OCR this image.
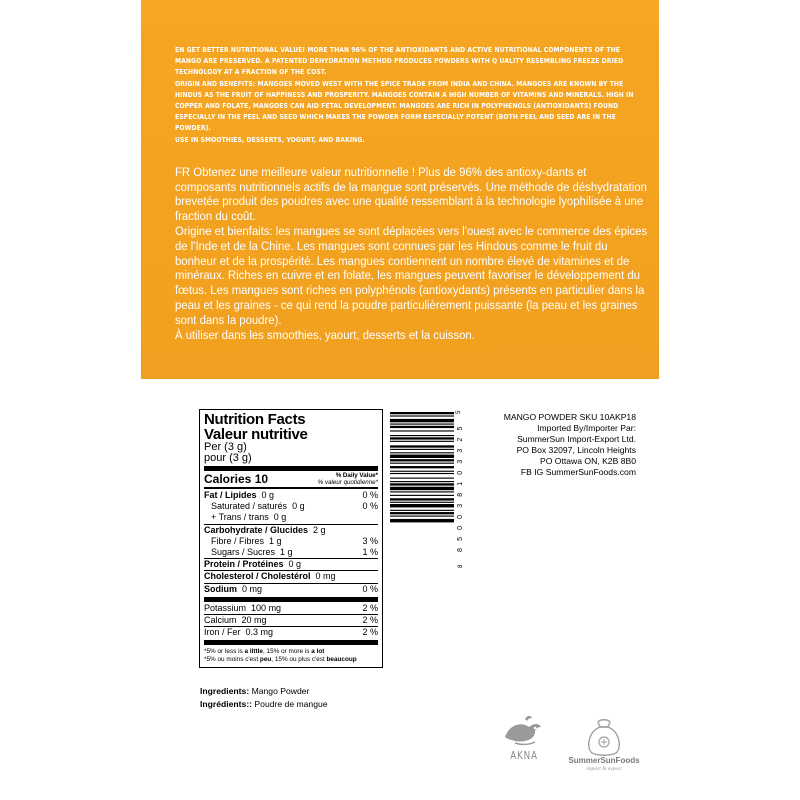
EN GET BETTER NUTRITIONAL VALUE! MORE THAN 96% OF THE ANTIOXIDANTS AND ACTIVE NUTRITIONAL COMPONENTS OF THE MANGO ARE PRESERVED. A PATENTED DEHYDRATION METHOD PRODUCES POWDERS WITH Q UALITY RESEMBLING FREEZE DRIED TECHNOLOGY AT A FRACTION OF THE COST.

ORIGIN AND BENEFITS: MANGOES MOVED WEST WITH THE SPICE TRADE FROM INDIA AND CHINA. MANGOES ARE KNOWN BY THE HINDUS AS THE FRUIT OF HAPPINESS AND PROSPERITY. MANGOES CONTAIN A HIGH NUMBER OF VITAMINS AND MINERALS. HIGH IN COPPER AND FOLATE, MANGOES CAN AID FETAL DEVELOPMENT. MANGOES ARE RICH IN POLYPHENOLS (ANTIOXIDANTS) FOUND ESPECIALLY IN THE PEEL AND SEED WHICH MAKES THE POWDER FORM ESPECIALLY POTENT (BOTH PEEL AND SEED ARE IN THE POWDER).

USE IN SMOOTHIES, DESSERTS, YOGURT, AND BAKING.

FR Obtenez une meilleure valeur nutritionnelle ! Plus de 96% des antioxy-dants et composants nutritionnels actifs de la mangue sont préservés. Une méthode de déshydratation brevetée produit des poudres avec une qualité ressemblant à la technologie lyophilisée à une fraction du coût.

Origine et bienfaits: les mangues se sont déplacées vers l'ouest avec le commerce des épices de l'Inde et de la Chine. Les mangues sont connues par les Hindous comme le fruit du bonheur et de la prospérité. Les mangues contiennent un nombre élevé de vitamines et de minéraux. Riches en cuivre et en folate, les mangues peuvent favoriser le développement du fœtus. Les mangues sont riches en polyphénols (antioxydants) présents en particulier dans la peau et les graines - ce qui rend la poudre particulièrement puissante (la peau et les graines sont dans la poudre).

À utiliser dans les smoothies, yaourt, desserts et la cuisson.

Nutrition Facts
Valeur nutritive
Per (3 g)
pour (3 g)
Calories 10	% Daily Value*
% valeur quotidienne*
Fat / Lipides 0 g	0 %
Saturated / saturés 0 g	0 %
+ Trans / trans 0 g
Carbohydrate / Glucides 2 g
Fibre / Fibres 1 g	3 %
Sugars / Sucres 1 g	1 %
Protein / Protéines 0 g
Cholesterol / Cholestérol 0 mg
Sodium 0 mg	0 %
Potassium 100 mg	2 %
Calcium 20 mg	2 %
Iron / Fer 0.3 mg	2 %
*5% or less is a little, 15% or more is a lot
*5% ou moins c'est peu, 15% ou plus c'est beaucoup
Ingredients: Mango Powder
Ingrédients:: Poudre de mangue
5
8 5 0 0 3 8 1 0 3 3 2 5
8
MANGO POWDER SKU 10AKP18
Imported By/Importer Par:
SummerSun Import-Export Ltd.
PO Box 32097, Lincoln Heights
PO Ottawa ON, K2B 8B0
FB IG SummerSunFoods.com
AKNA	SummerSunFoods
import & export
